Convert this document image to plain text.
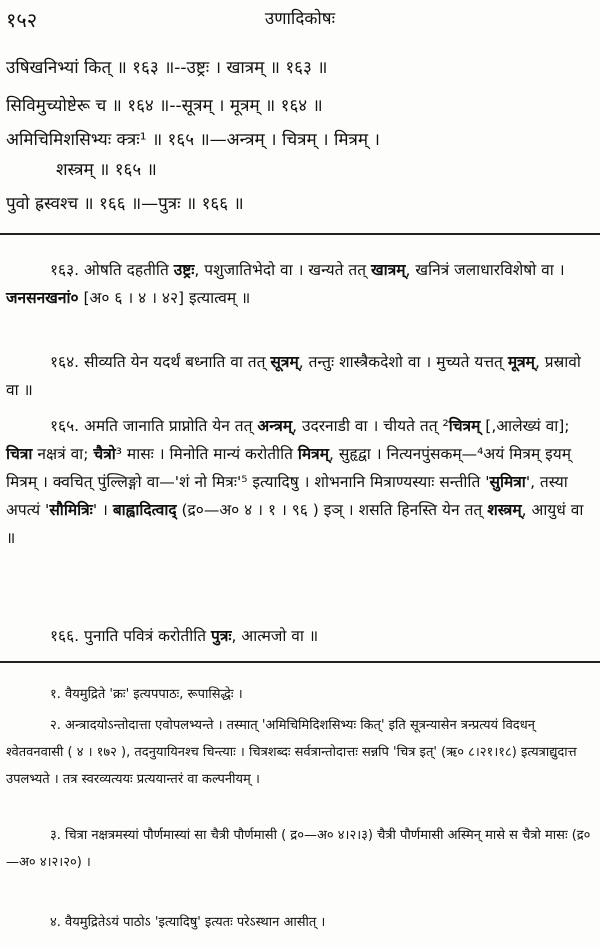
१५२	उणादिकोषः
उषिखनिभ्यां कित् ॥ १६३ ॥--उष्ट्रः । खात्रम् ॥ १६३ ॥
सिविमुच्योष्टेरू च ॥ १६४ ॥--सूत्रम् । मूत्रम् ॥ १६४ ॥
अमिचिमिशसिभ्यः क्त्रः¹ ॥ १६५ ॥—अन्त्रम् । चित्रम् । मित्रम् ।
शस्त्रम् ॥ १६५ ॥
पुवो ह्रस्वश्च ॥ १६६ ॥—पुत्रः ॥ १६६ ॥

१६३. ओषति दहतीति उष्ट्रः, पशुजातिभेदो वा । खन्यते तत् खात्रम्, खनित्रं जलाधारविशेषो वा । जनसनखनां० [अ० ६ । ४ । ४२] इत्यात्वम् ॥

१६४. सीव्यति येन यदर्थं बध्नाति वा तत् सूत्रम्, तन्तुः शास्त्रैकदेशो वा । मुच्यते यत्तत् मूत्रम्, प्रस्रावो वा ॥

१६५. अमति जानाति प्राप्नोति येन तत् अन्त्रम्, उदरनाडी वा । चीयते तत् ²चित्रम् [,आलेख्यं वा]; चित्रा नक्षत्रं वा; चैत्रो³ मासः । मिनोति मान्यं करोतीति मित्रम्, सुहृद्वा । नित्यनपुंसकम्—⁴अयं मित्रम् इयम् मित्रम् । क्वचित् पुंल्लिङ्गो वा—'शं नो मित्रः'⁵ इत्यादिषु । शोभनानि मित्राण्यस्याः सन्तीति 'सुमित्रा', तस्या अपत्यं 'सौमित्रिः' । बाह्वादित्वाद् (द्र०—अ० ४ । १ । ९६ ) इञ् । शसति हिनस्ति येन तत् शस्त्रम्, आयुधं वा ॥

१६६. पुनाति पवित्रं करोतीति पुत्रः, आत्मजो वा ॥

१. वैयमुद्रिते 'क्रः' इत्यपपाठः, रूपासिद्धेः ।

२. अन्त्रादयोऽन्तोदात्ता एवोपलभ्यन्ते । तस्मात् 'अमिचिमिदिशसिभ्यः कित्' इति सूत्रन्यासेन त्रन्प्रत्ययं विदधन् श्वेतवनवासी ( ४ । १७२ ), तदनुयायिनश्च चिन्त्याः । चित्रशब्दः सर्वत्रान्तोदात्तः सन्नपि 'चित्र इत्' (ऋ० ८।२१।१८) इत्यत्राद्युदात्त उपलभ्यते । तत्र स्वरव्यत्ययः प्रत्ययान्तरं वा कल्पनीयम् ।

३. चित्रा नक्षत्रमस्यां पौर्णमास्यां सा चैत्री पौर्णमासी ( द्र०—अ० ४।२।३) चैत्री पौर्णमासी अस्मिन् मासे स चैत्रो मासः (द्र०—अ० ४।२।२०) ।

४. वैयमुद्रितेऽयं पाठोऽ 'इत्यादिषु' इत्यतः परेऽस्थान आसीत् ।
